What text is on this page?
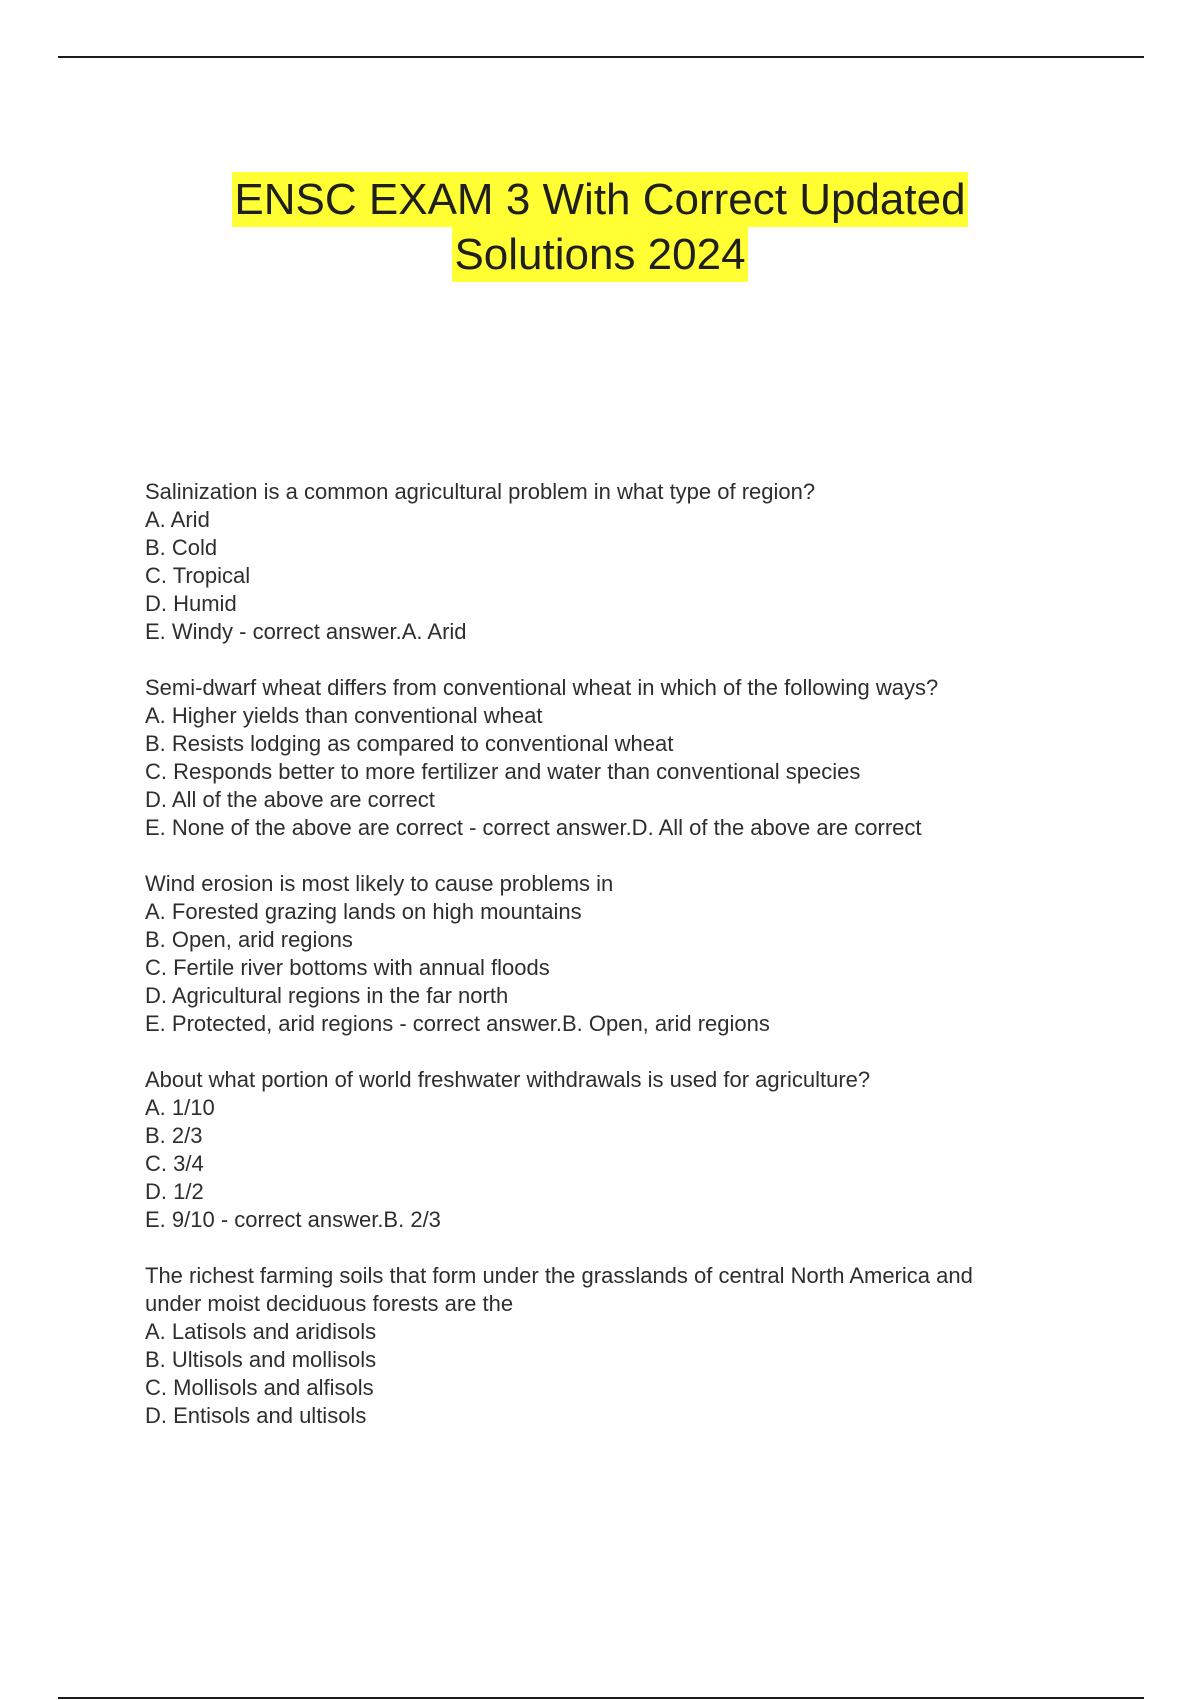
ENSC EXAM 3 With Correct Updated
Solutions 2024
Salinization is a common agricultural problem in what type of region?
A. Arid
B. Cold
C. Tropical
D. Humid
E. Windy - correct answer.A. Arid
Semi-dwarf wheat differs from conventional wheat in which of the following ways?
A. Higher yields than conventional wheat
B. Resists lodging as compared to conventional wheat
C. Responds better to more fertilizer and water than conventional species
D. All of the above are correct
E. None of the above are correct - correct answer.D. All of the above are correct
Wind erosion is most likely to cause problems in
A. Forested grazing lands on high mountains
B. Open, arid regions
C. Fertile river bottoms with annual floods
D. Agricultural regions in the far north
E. Protected, arid regions - correct answer.B. Open, arid regions
About what portion of world freshwater withdrawals is used for agriculture?
A. 1/10
B. 2/3
C. 3/4
D. 1/2
E. 9/10 - correct answer.B. 2/3
The richest farming soils that form under the grasslands of central North America and
under moist deciduous forests are the
A. Latisols and aridisols
B. Ultisols and mollisols
C. Mollisols and alfisols
D. Entisols and ultisols
